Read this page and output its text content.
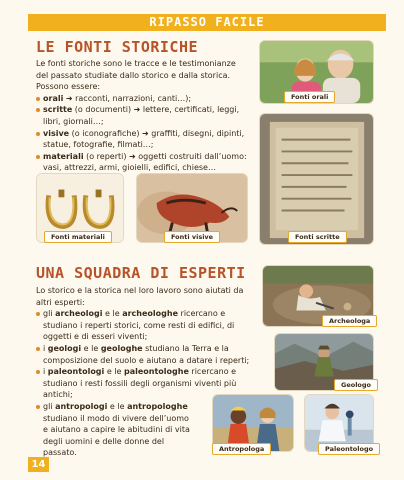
RIPASSO FACILE
LE FONTI STORICHE

Le fonti storiche sono le tracce e le testimonianze del passato studiate dallo storico e dalla storica. Possono essere:

orali ➜ racconti, narrazioni, canti…);
scritte (o documenti) ➜ lettere, certificati, leggi, libri, giornali…;
visive (o iconografiche) ➜ graffiti, disegni, dipinti, statue, fotografie, filmati…;
materiali (o reperti) ➜ oggetti costruiti dall’uomo: vasi, attrezzi, armi, gioielli, edifici, chiese…
Fonti orali
Fonti scritte
Fonti materiali	Fonti visive
UNA SQUADRA DI ESPERTI

Lo storico e la storica nel loro lavoro sono aiutati da altri esperti:

gli archeologi e le archeologhe ricercano e studiano i reperti storici, come resti di edifici, di oggetti e di esseri viventi;
i geologi e le geologhe studiano la Terra e la composizione del suolo e aiutano a datare i reperti;
i paleontologi e le paleontologhe ricercano e studiano i resti fossili degli organismi viventi più antichi;
gli antropologi e le antropologhe studiano il modo di vivere dell’uomo e aiutano a capire le abitudini di vita degli uomini e delle donne del passato.
Archeologa
Geologo
Antropologa	Paleontologo
14
